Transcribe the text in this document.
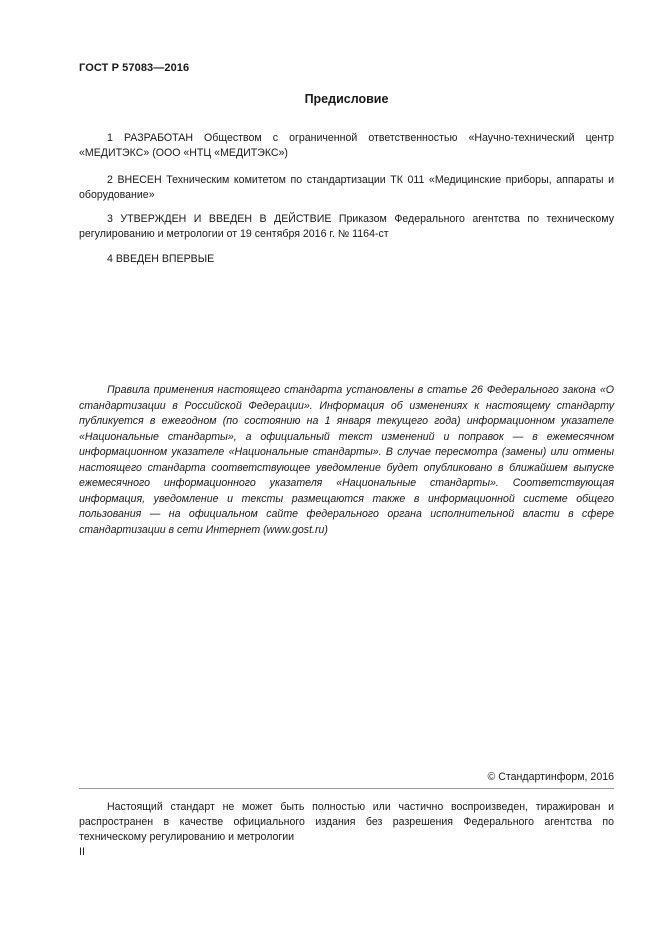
ГОСТ Р 57083—2016
Предисловие

1 РАЗРАБОТАН Обществом с ограниченной ответственностью «Научно-технический центр «МЕДИТЭКС» (ООО «НТЦ «МЕДИТЭКС»)

2 ВНЕСЕН Техническим комитетом по стандартизации ТК 011 «Медицинские приборы, аппараты и оборудование»

3 УТВЕРЖДЕН И ВВЕДЕН В ДЕЙСТВИЕ Приказом Федерального агентства по техническому регулированию и метрологии от 19 сентября 2016 г. № 1164-ст

4 ВВЕДЕН ВПЕРВЫЕ

Правила применения настоящего стандарта установлены в статье 26 Федерального закона «О стандартизации в Российской Федерации». Информация об изменениях к настоящему стандарту публикуется в ежегодном (по состоянию на 1 января текущего года) информационном указателе «Национальные стандарты», а официальный текст изменений и поправок — в ежемесячном информационном указателе «Национальные стандарты». В случае пересмотра (замены) или отмены настоящего стандарта соответствующее уведомление будет опубликовано в ближайшем выпуске ежемесячного информационного указателя «Национальные стандарты». Соответствующая информация, уведомление и тексты размещаются также в информационной системе общего пользования — на официальном сайте федерального органа исполнительной власти в сфере стандартизации в сети Интернет (www.gost.ru)

© Стандартинформ, 2016

Настоящий стандарт не может быть полностью или частично воспроизведен, тиражирован и распространен в качестве официального издания без разрешения Федерального агентства по техническому регулированию и метрологии

II
